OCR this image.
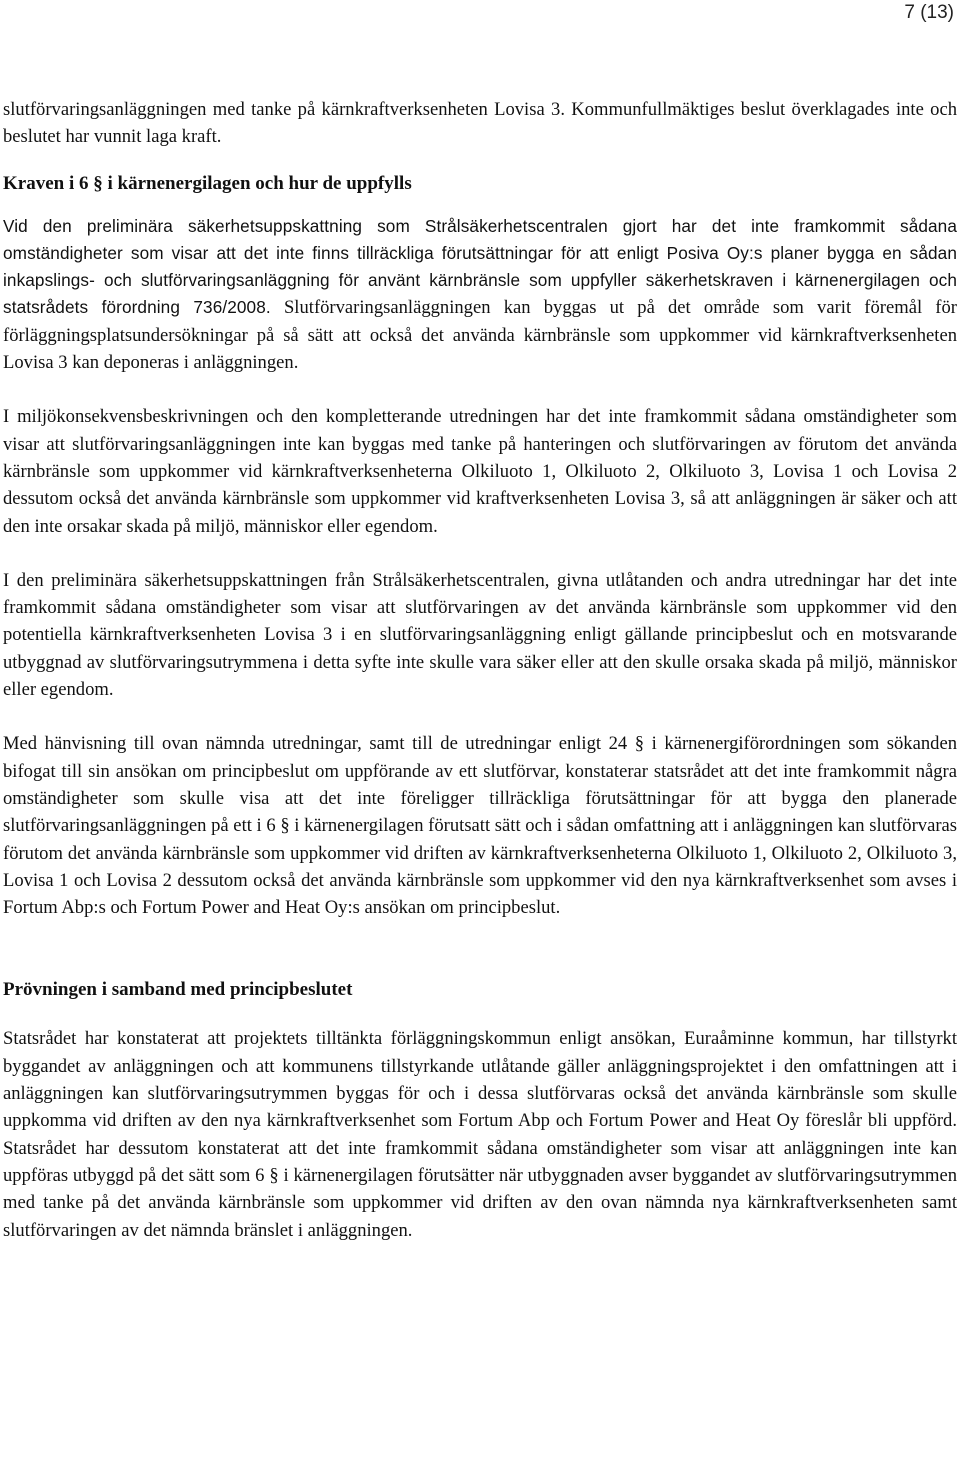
7 (13)

slutförvaringsanläggningen med tanke på kärnkraftverksenheten Lovisa 3. Kommunfullmäktiges beslut överklagades inte och beslutet har vunnit laga kraft.

Kraven i 6 § i kärnenergilagen och hur de uppfylls

Vid den preliminära säkerhetsuppskattning som Strålsäkerhetscentralen gjort har det inte framkommit sådana omständigheter som visar att det inte finns tillräckliga förutsättningar för att enligt Posiva Oy:s planer bygga en sådan inkapslings- och slutförvaringsanläggning för använt kärnbränsle som uppfyller säkerhetskraven i kärnenergilagen och statsrådets förordning 736/2008. Slutförvaringsanläggningen kan byggas ut på det område som varit föremål för förläggningsplatsundersökningar på så sätt att också det använda kärnbränsle som uppkommer vid kärnkraftverksenheten Lovisa 3 kan deponeras i anläggningen.

I miljökonsekvensbeskrivningen och den kompletterande utredningen har det inte framkommit sådana omständigheter som visar att slutförvaringsanläggningen inte kan byggas med tanke på hanteringen och slutförvaringen av förutom det använda kärnbränsle som uppkommer vid kärnkraftverksenheterna Olkiluoto 1, Olkiluoto 2, Olkiluoto 3, Lovisa 1 och Lovisa 2 dessutom också det använda kärnbränsle som uppkommer vid kraftverksenheten Lovisa 3, så att anläggningen är säker och att den inte orsakar skada på miljö, människor eller egendom.

I den preliminära säkerhetsuppskattningen från Strålsäkerhetscentralen, givna utlåtanden och andra utredningar har det inte framkommit sådana omständigheter som visar att slutförvaringen av det använda kärnbränsle som uppkommer vid den potentiella kärnkraftverksenheten Lovisa 3 i en slutförvaringsanläggning enligt gällande principbeslut och en motsvarande utbyggnad av slutförvaringsutrymmena i detta syfte inte skulle vara säker eller att den skulle orsaka skada på miljö, människor eller egendom.

Med hänvisning till ovan nämnda utredningar, samt till de utredningar enligt 24 § i kärnenergiförordningen som sökanden bifogat till sin ansökan om principbeslut om uppförande av ett slutförvar, konstaterar statsrådet att det inte framkommit några omständigheter som skulle visa att det inte föreligger tillräckliga förutsättningar för att bygga den planerade slutförvaringsanläggningen på ett i 6 § i kärnenergilagen förutsatt sätt och i sådan omfattning att i anläggningen kan slutförvaras förutom det använda kärnbränsle som uppkommer vid driften av kärnkraftverksenheterna Olkiluoto 1, Olkiluoto 2, Olkiluoto 3, Lovisa 1 och Lovisa 2 dessutom också det använda kärnbränsle som uppkommer vid den nya kärnkraftverksenhet som avses i Fortum Abp:s och Fortum Power and Heat Oy:s ansökan om principbeslut.

Prövningen i samband med principbeslutet

Statsrådet har konstaterat att projektets tilltänkta förläggningskommun enligt ansökan, Euraåminne kommun, har tillstyrkt byggandet av anläggningen och att kommunens tillstyrkande utlåtande gäller anläggningsprojektet i den omfattningen att i anläggningen kan slutförvaringsutrymmen byggas för och i dessa slutförvaras också det använda kärnbränsle som skulle uppkomma vid driften av den nya kärnkraftverksenhet som Fortum Abp och Fortum Power and Heat Oy föreslår bli uppförd. Statsrådet har dessutom konstaterat att det inte framkommit sådana omständigheter som visar att anläggningen inte kan uppföras utbyggd på det sätt som 6 § i kärnenergilagen förutsätter när utbyggnaden avser byggandet av slutförvaringsutrymmen med tanke på det använda kärnbränsle som uppkommer vid driften av den ovan nämnda nya kärnkraftverksenheten samt slutförvaringen av det nämnda bränslet i anläggningen.
